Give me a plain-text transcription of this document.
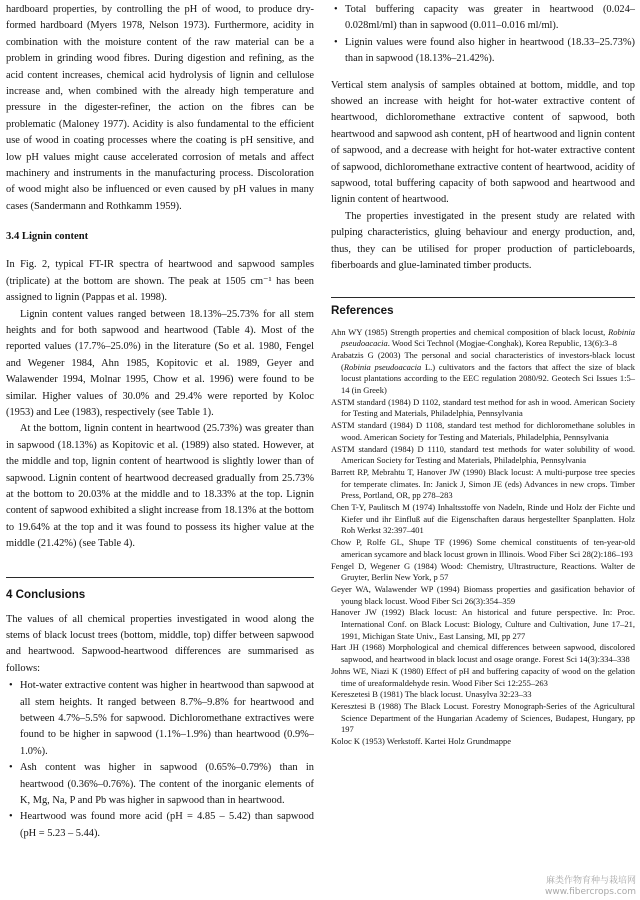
hardboard properties, by controlling the pH of wood, to produce dry-formed hardboard (Myers 1978, Nelson 1973). Furthermore, acidity in combination with the moisture content of the raw material can be a problem in grinding wood fibres. During digestion and refining, as the acid content increases, chemical acid hydrolysis of lignin and cellulose increase and, when combined with the already high temperature and pressure in the digester-refiner, the action on the fibres can be problematic (Maloney 1977). Acidity is also fundamental to the efficient use of wood in coating processes where the coating is pH sensitive, and low pH values might cause accelerated corrosion of metals and affect machinery and instruments in the manufacturing process. Discoloration of wood might also be influenced or even caused by pH values in many cases (Sandermann and Rothkamm 1959).

3.4 Lignin content

In Fig. 2, typical FT-IR spectra of heartwood and sapwood samples (triplicate) at the bottom are shown. The peak at 1505 cm⁻¹ has been assigned to lignin (Pappas et al. 1998).

Lignin content values ranged between 18.13%–25.73% for all stem heights and for both sapwood and heartwood (Table 4). Most of the reported values (17.7%–25.0%) in the literature (So et al. 1980, Fengel and Wegener 1984, Ahn 1985, Kopitovic et al. 1989, Geyer and Walawender 1994, Molnar 1995, Chow et al. 1996) were found to be similar. Higher values of 30.0% and 29.4% were reported by Koloc (1953) and Lee (1983), respectively (see Table 1).

At the bottom, lignin content in heartwood (25.73%) was greater than in sapwood (18.13%) as Kopitovic et al. (1989) also stated. However, at the middle and top, lignin content of heartwood is slightly lower than of sapwood. Lignin content of heartwood decreased gradually from 25.73% at the bottom to 20.03% at the middle and to 18.33% at the top. Lignin content of sapwood exhibited a slight increase from 18.13% at the bottom to 19.64% at the top and it was found to possess its higher value at the middle (21.42%) (see Table 4).

4 Conclusions

The values of all chemical properties investigated in wood along the stems of black locust trees (bottom, middle, top) differ between sapwood and heartwood. Sapwood-heartwood differences are summarised as follows:

• Hot-water extractive content was higher in heartwood than sapwood at all stem heights. It ranged between 8.7%–9.8% for heartwood and between 4.7%–5.5% for sapwood. Dichloromethane extractives were found to be higher in sapwood (1.1%–1.9%) than heartwood (0.9%–1.0%).
• Ash content was higher in sapwood (0.65%–0.79%) than in heartwood (0.36%–0.76%). The content of the inorganic elements of K, Mg, Na, P and Pb was higher in sapwood than in heartwood.
• Heartwood was found more acid (pH = 4.85 – 5.42) than sapwood (pH = 5.23 – 5.44).
• Total buffering capacity was greater in heartwood (0.024–0.028ml/ml) than in sapwood (0.011–0.016 ml/ml).
• Lignin values were found also higher in heartwood (18.33–25.73%) than in sapwood (18.13%–21.42%).

Vertical stem analysis of samples obtained at bottom, middle, and top showed an increase with height for hot-water extractive content of heartwood, dichloromethane extractive content of sapwood, both heartwood and sapwood ash content, pH of heartwood and lignin content of sapwood, and a decrease with height for hot-water extractive content of sapwood, dichloromethane extractive content of heartwood, acidity of sapwood, total buffering capacity of both sapwood and heartwood and lignin content of heartwood.

The properties investigated in the present study are related with pulping characteristics, gluing behaviour and energy production, and, thus, they can be utilised for proper production of particleboards, fiberboards and glue-laminated timber products.

References
Ahn WY (1985) Strength properties and chemical composition of black locust, Robinia pseudoacacia. Wood Sci Technol (Mogjae-Conghak), Korea Republic, 13(6):3–8
Arabatzis G (2003) The personal and social characteristics of investors-black locust (Robinia pseudoacacia L.) cultivators and the factors that affect the size of black locust plantations according to the EEC regulation 2080/92. Geotech Sci Issues 1:5–14 (in Greek)
ASTM standard (1984) D 1102, standard test method for ash in wood. American Society for Testing and Materials, Philadelphia, Pennsylvania
ASTM standard (1984) D 1108, standard test method for dichloromethane solubles in wood. American Society for Testing and Materials, Philadelphia, Pennsylvania
ASTM standard (1984) D 1110, standard test methods for water solubility of wood. American Society for Testing and Materials, Philadelphia, Pennsylvania
Barrett RP, Mebrahtu T, Hanover JW (1990) Black locust: A multi-purpose tree species for temperate climates. In: Janick J, Simon JE (eds) Advances in new crops. Timber Press, Portland, OR, pp 278–283
Chen T-Y, Paulitsch M (1974) Inhaltsstoffe von Nadeln, Rinde und Holz der Fichte und Kiefer und ihr Einfluß auf die Eigenschaften daraus hergestellter Spanplatten. Holz Roh Werkst 32:397–401
Chow P, Rolfe GL, Shupe TF (1996) Some chemical constituents of ten-year-old american sycamore and black locust grown in Illinois. Wood Fiber Sci 28(2):186–193
Fengel D, Wegener G (1984) Wood: Chemistry, Ultrastructure, Reactions. Walter de Gruyter, Berlin New York, p 57
Geyer WA, Walawender WP (1994) Biomass properties and gasification behavior of young black locust. Wood Fiber Sci 26(3):354–359
Hanover JW (1992) Black locust: An historical and future perspective. In: Proc. International Conf. on Black Locust: Biology, Culture and Cultivation, June 17–21, 1991, Michigan State Univ., East Lansing, MI, pp 277
Hart JH (1968) Morphological and chemical differences between sapwood, discolored sapwood, and heartwood in black locust and osage orange. Forest Sci 14(3):334–338
Johns WE, Niazi K (1980) Effect of pH and buffering capacity of wood on the gelation time of ureaformaldehyde resin. Wood Fiber Sci 12:255–263
Kereszetesi B (1981) The black locust. Unasylva 32:23–33
Keresztesi B (1988) The Black Locust. Forestry Monograph-Series of the Agricultural Science Department of the Hungarian Academy of Sciences, Budapest, Hungary, pp 197
Koloc K (1953) Werkstoff. Kartei Holz Grundmappe
麻类作物育种与栽培网
www.fibercrops.com
